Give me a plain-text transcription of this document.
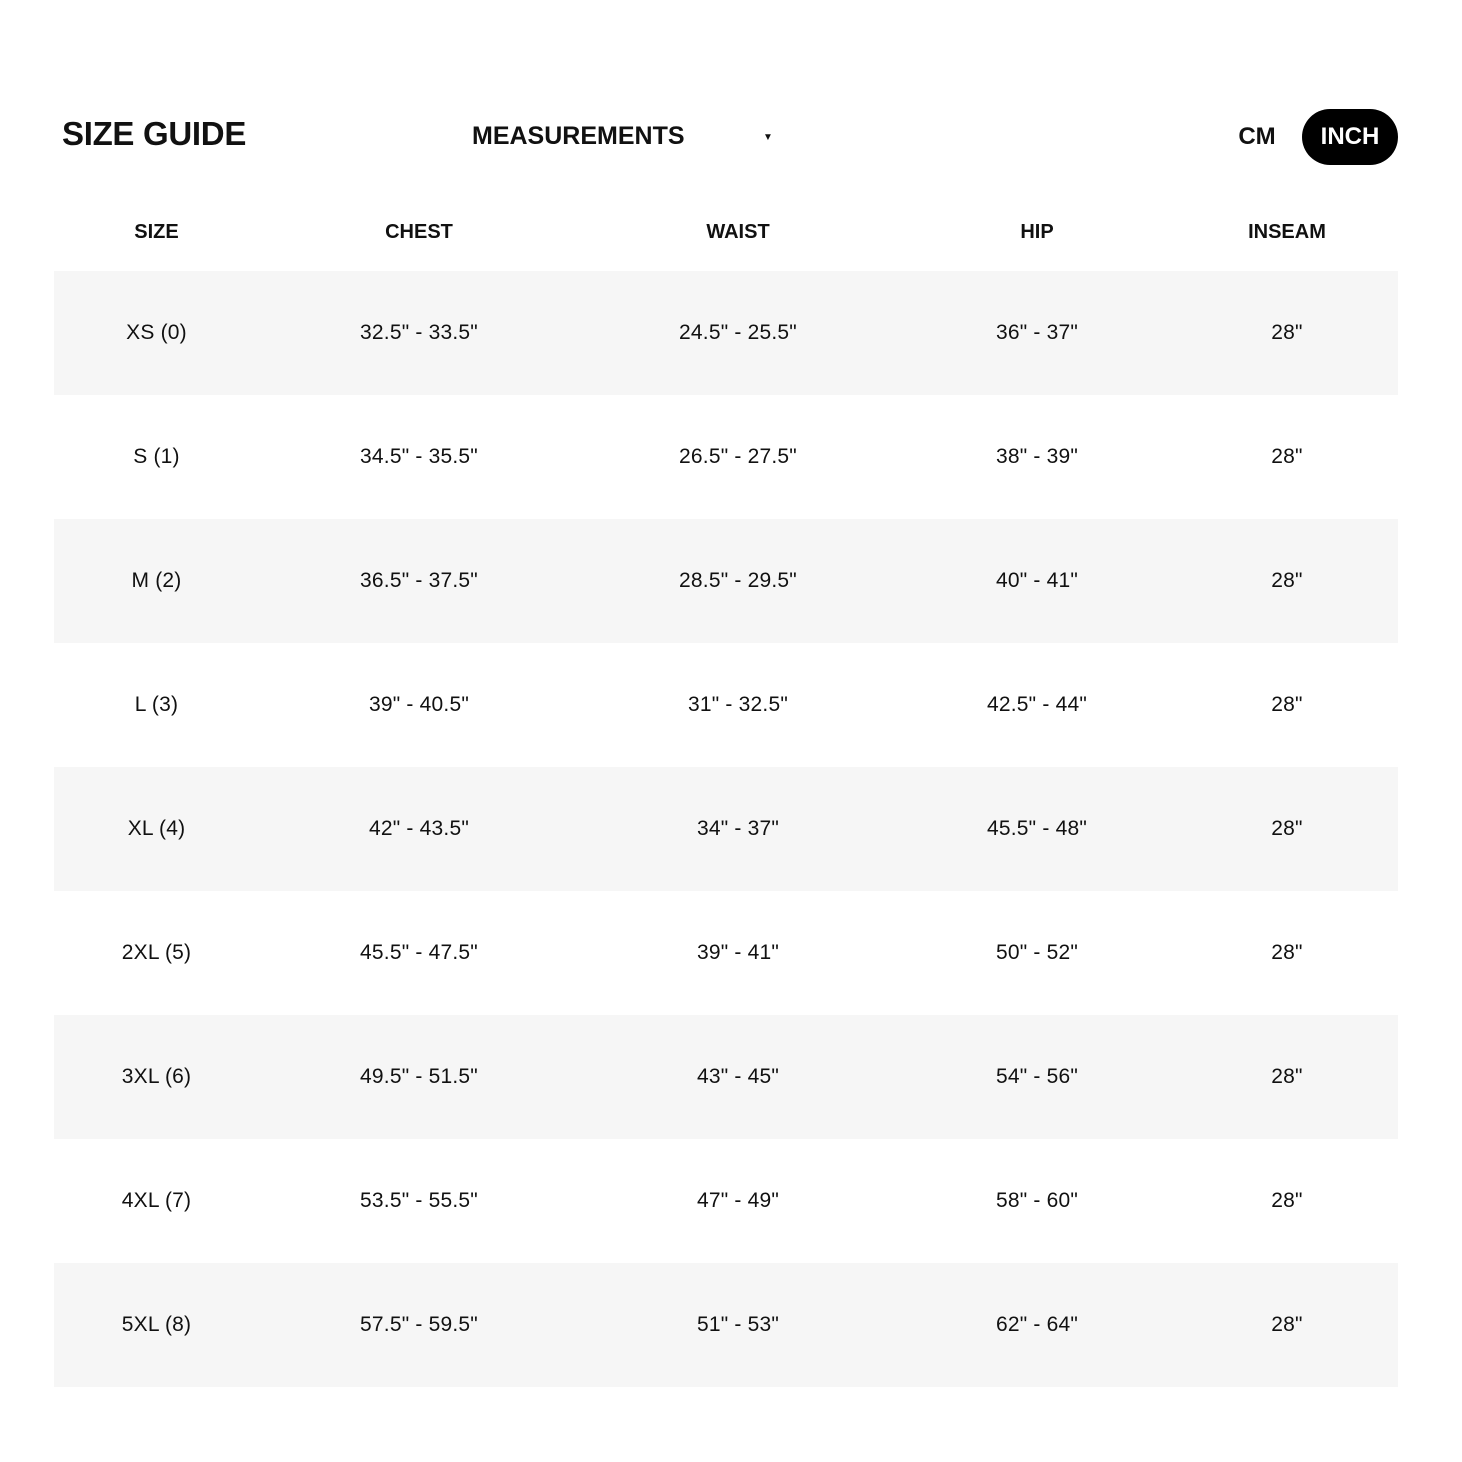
SIZE GUIDE	MEASUREMENTS	▼	CM	INCH
SIZE	CHEST	WAIST	HIP	INSEAM
XS (0)	32.5" - 33.5"	24.5" - 25.5"	36" - 37"	28"
S (1)	34.5" - 35.5"	26.5" - 27.5"	38" - 39"	28"
M (2)	36.5" - 37.5"	28.5" - 29.5"	40" - 41"	28"
L (3)	39" - 40.5"	31" - 32.5"	42.5" - 44"	28"
XL (4)	42" - 43.5"	34" - 37"	45.5" - 48"	28"
2XL (5)	45.5" - 47.5"	39" - 41"	50" - 52"	28"
3XL (6)	49.5" - 51.5"	43" - 45"	54" - 56"	28"
4XL (7)	53.5" - 55.5"	47" - 49"	58" - 60"	28"
5XL (8)	57.5" - 59.5"	51" - 53"	62" - 64"	28"
